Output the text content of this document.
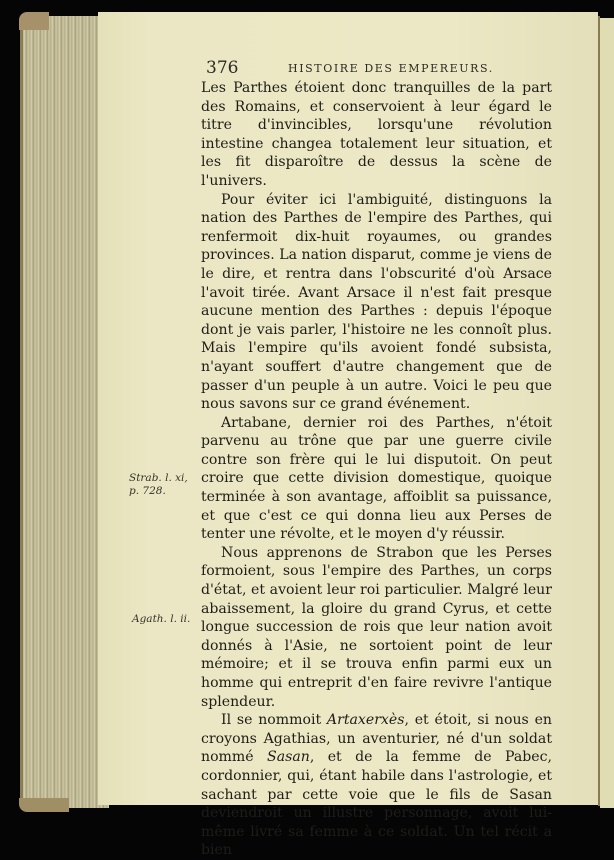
376	HISTOIRE DES EMPEREURS.

Les Parthes étoient donc tranquilles de la part des Romains, et conservoient à leur égard le titre d'invincibles, lorsqu'une révolution intestine changea totalement leur situation, et les fit disparoître de dessus la scène de l'univers.

Pour éviter ici l'ambiguité, distinguons la nation des Parthes de l'empire des Parthes, qui renfermoit dix-huit royaumes, ou grandes provinces. La nation disparut, comme je viens de le dire, et rentra dans l'obscurité d'où Arsace l'avoit tirée. Avant Arsace il n'est fait presque aucune mention des Parthes : depuis l'époque dont je vais parler, l'histoire ne les connoît plus. Mais l'empire qu'ils avoient fondé subsista, n'ayant souffert d'autre changement que de passer d'un peuple à un autre. Voici le peu que nous savons sur ce grand événement.

Artabane, dernier roi des Parthes, n'étoit parvenu au trône que par une guerre civile contre son frère qui le lui disputoit. On peut croire que cette division domestique, quoique terminée à son avantage, affoiblit sa puissance, et que c'est ce qui donna lieu aux Perses de tenter une révolte, et le moyen d'y réussir.

Nous apprenons de Strabon que les Perses formoient, sous l'empire des Parthes, un corps d'état, et avoient leur roi particulier. Malgré leur abaissement, la gloire du grand Cyrus, et cette longue succession de rois que leur nation avoit donnés à l'Asie, ne sortoient point de leur mémoire; et il se trouva enfin parmi eux un homme qui entreprit d'en faire revivre l'antique splendeur.

Il se nommoit Artaxerxès, et étoit, si nous en croyons Agathias, un aventurier, né d'un soldat nommé Sasan, et de la femme de Pabec, cordonnier, qui, étant habile dans l'astrologie, et sachant par cette voie que le fils de Sasan deviendroit un illustre personnage, avoit lui-même livré sa femme à ce soldat. Un tel récit a bien

Strab. l. xi,
p. 728.
Agath. l. ii.
